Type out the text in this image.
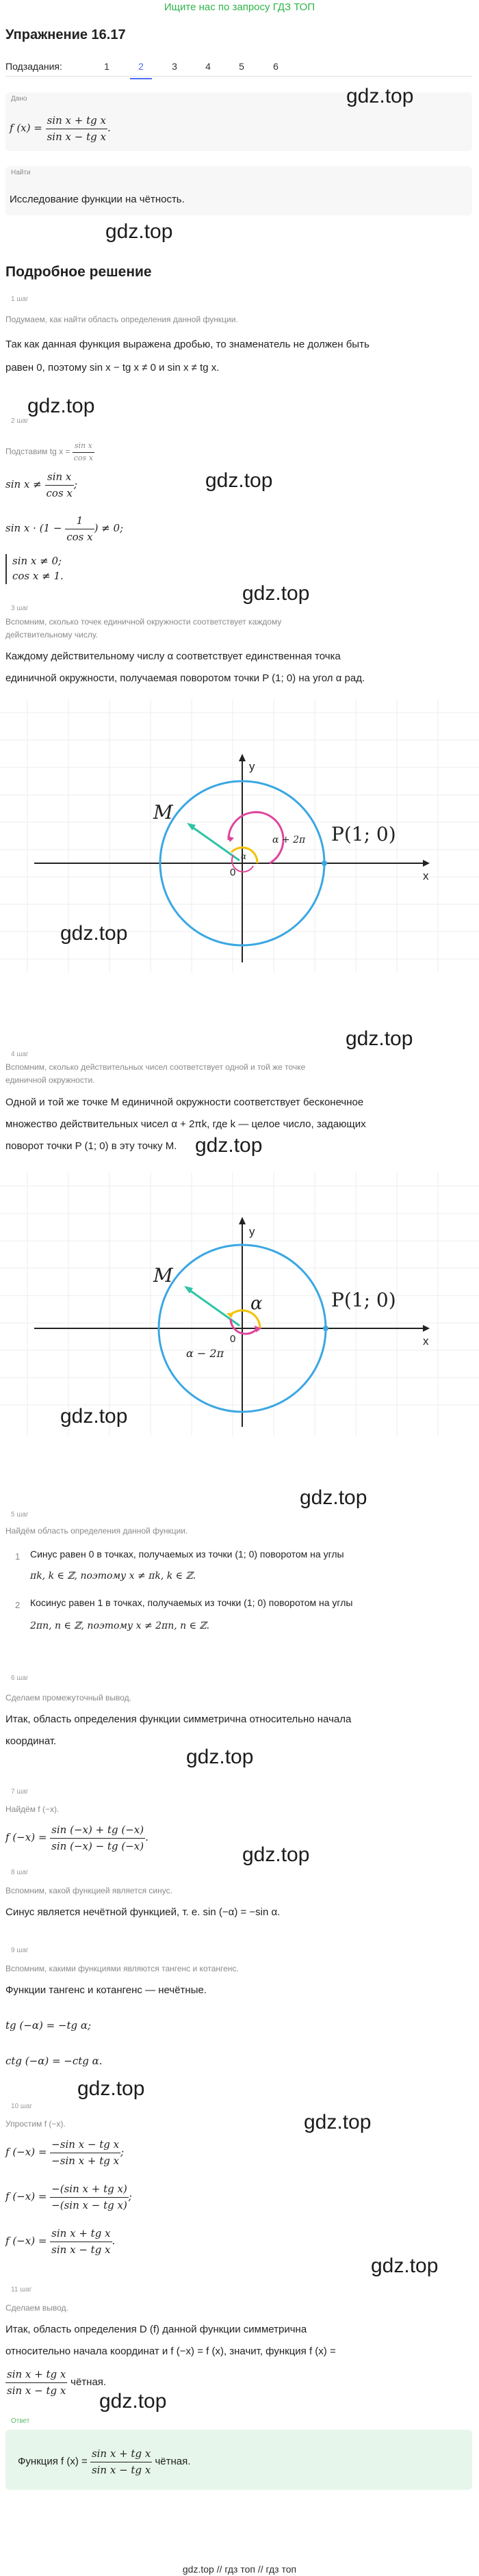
Ищите нас по запросу ГДЗ ТОП
Упражнение 16.17
Подзадания:	1	2	3	4	5	6
Дано
f $(x) = \frac{\text{sin x + tg x}}{\text{sin x − tg x}}$ .
gdz.top
Найти
Исследование функции на чётность.
gdz.top
Подробное решение
1 шаг
Подумаем, как найти область определения данной функции.
Так как данная функция выражена дробью, то знаменатель не должен быть
равен 0, поэтому sin x − tg x ≠ 0 и sin x ≠ tg x.
gdz.top
2 шаг
Подставим tg $x = \frac{\text{sin x}}{\text{cos x}}$
$\sin x \ne \frac{\text{sin x}}{\text{cos x}}$ ;
$\sin x \cdot (1 - \frac{1}{\text{cos x}}$ ) ≠ 0;
sin x ≠ 0;
cos x ≠ 1.
gdz.top
gdz.top
3 шаг
Вспомним, сколько точек единичной окружности соответствует каждому
действительному числу.
Каждому действительному числу α соответствует единственная точка
единичной окружности, получаемая поворотом точки P (1; 0) на угол α рад.
M
P(1; 0)
α + 2π
α
0	x
y
gdz.top
gdz.top
4 шаг
Вспомним, сколько действительных чисел соответствует одной и той же точке
единичной окружности.
Одной и той же точке M единичной окружности соответствует бесконечное
множество действительных чисел α + 2πk, где k — целое число, задающих
поворот точки P (1; 0) в эту точку M. gdz.top
M
P(1; 0)
α
α − 2π
0	x
y
gdz.top
gdz.top
5 шаг
Найдём область определения данной функции.
1 Синус равен 0 в точках, получаемых из точки (1; 0) поворотом на углы
πk, k ∈ ℤ, поэтому x ≠ πk, k ∈ ℤ.
2 Косинус равен 1 в точках, получаемых из точки (1; 0) поворотом на углы
2πn, n ∈ ℤ, поэтому x ≠ 2πn, n ∈ ℤ.
6 шаг
Сделаем промежуточный вывод.
Итак, область определения функции симметрична относительно начала
координат.
gdz.top
7 шаг
Найдём f (−x).
f $(-x) = \frac{\sin (-x) + tg (-x)}{\sin (-x) - tg (-x)}$ .
gdz.top
8 шаг
Вспомним, какой функцией является синус.
Синус является нечётной функцией, т. е. sin (−α) = −sin α.
9 шаг
Вспомним, какими функциями являются тангенс и котангенс.
Функции тангенс и котангенс — нечётные.
tg (−α) = −tg α;
ctg (−α) = −ctg α.
gdz.top
gdz.top
10 шаг
Упростим f (−x).
f $(-x) = \frac{\text{−sin x − tg x}}{\text{−sin x + tg x}}$ ;
f $(-x) = \frac{\text{−(sin x + tg x)}}{\text{−(sin x − tg x)}}$ ;
f $(-x) = \frac{\text{sin x + tg x}}{\text{sin x − tg x}}$ .
gdz.top
11 шаг
Сделаем вывод.
Итак, область определения D (f) данной функции симметрична
относительно начала координат и f (−x) = f (x), значит, функция f (x) =
$\frac{\text{sin x + tg x}}{\text{sin x − tg x}}$ чётная.
gdz.top
Ответ
Функция f $(x) = \frac{\text{sin x + tg x}}{\text{sin x − tg x}}$ чётная.
gdz.top // гдз топ // гдз топ
